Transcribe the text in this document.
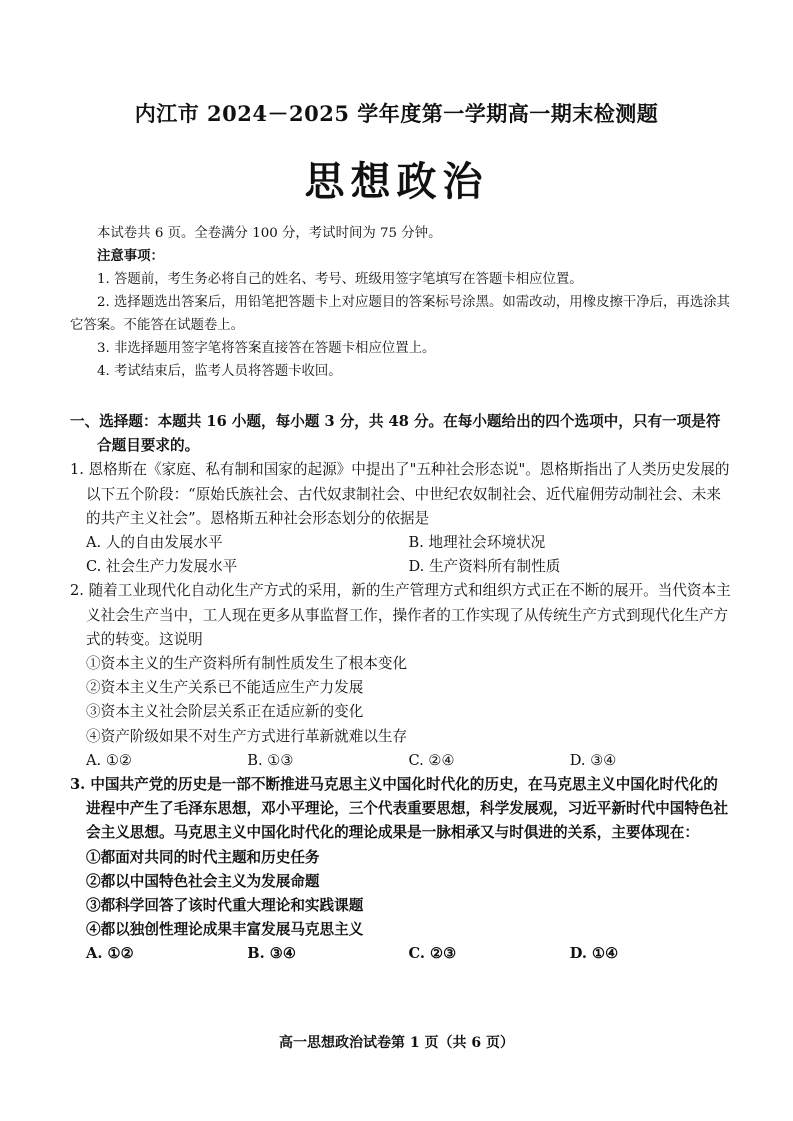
内江市 2024－2025 学年度第一学期高一期末检测题
思想政治

本试卷共 6 页。全卷满分 100 分，考试时间为 75 分钟。

注意事项：

1. 答题前，考生务必将自己的姓名、考号、班级用签字笔填写在答题卡相应位置。

2. 选择题选出答案后，用铅笔把答题卡上对应题目的答案标号涂黑。如需改动，用橡皮擦干净后，再选涂其它答案。不能答在试题卷上。

3. 非选择题用签字笔将答案直接答在答题卡相应位置上。

4. 考试结束后，监考人员将答题卡收回。

一、选择题：本题共 16 小题，每小题 3 分，共 48 分。在每小题给出的四个选项中，只有一项是符合题目要求的。

1. 恩格斯在《家庭、私有制和国家的起源》中提出了"五种社会形态说"。恩格斯指出了人类历史发展的以下五个阶段：“原始氏族社会、古代奴隶制社会、中世纪农奴制社会、近代雇佣劳动制社会、未来的共产主义社会”。恩格斯五种社会形态划分的依据是

A. 人的自由发展水平	B. 地理社会环境状况
C. 社会生产力发展水平	D. 生产资料所有制性质

2. 随着工业现代化自动化生产方式的采用，新的生产管理方式和组织方式正在不断的展开。当代资本主义社会生产当中，工人现在更多从事监督工作，操作者的工作实现了从传统生产方式到现代化生产方式的转变。这说明

①资本主义的生产资料所有制性质发生了根本变化

②资本主义生产关系已不能适应生产力发展

③资本主义社会阶层关系正在适应新的变化

④资产阶级如果不对生产方式进行革新就难以生存

A. ①②	B. ①③	C. ②④	D. ③④

3. 中国共产党的历史是一部不断推进马克思主义中国化时代化的历史，在马克思主义中国化时代化的进程中产生了毛泽东思想，邓小平理论，三个代表重要思想，科学发展观，习近平新时代中国特色社会主义思想。马克思主义中国化时代化的理论成果是一脉相承又与时俱进的关系，主要体现在：

①都面对共同的时代主题和历史任务

②都以中国特色社会主义为发展命题

③都科学回答了该时代重大理论和实践课题

④都以独创性理论成果丰富发展马克思主义

A. ①②	B. ③④	C. ②③	D. ①④
高一思想政治试卷第 1 页（共 6 页）
